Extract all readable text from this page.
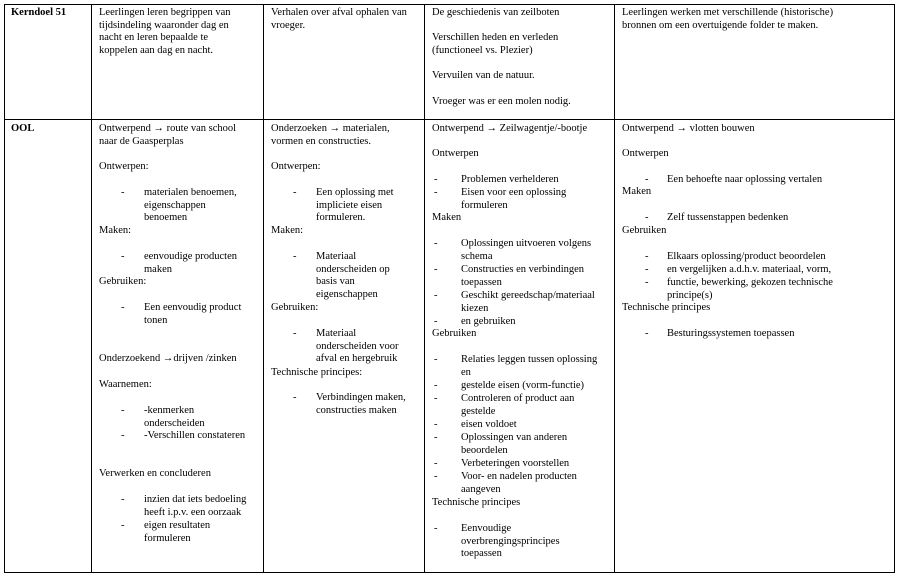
Kerndoel 51	Leerlingen leren begrippen van
tijdsindeling waaronder dag en
nacht en leren bepaalde te
koppelen aan dag en nacht.
Verhalen over afval ophalen van
vroeger.
De geschiedenis van zeilboten
Verschillen heden en verleden
(functioneel vs. Plezier)
Vervuilen van de natuur.
Vroeger was er een molen nodig.
Leerlingen werken met verschillende (historische)
bronnen om een overtuigende folder te maken.
OOL	Ontwerpend → route van school
naar de Gaasperplas
Ontwerpen:
- materialen benoemen,
eigenschappen
benoemen
Maken:
- eenvoudige producten
maken
Gebruiken:
- Een eenvoudig product
tonen
Onderzoekend →drijven /zinken
Waarnemen:
- -kenmerken
onderscheiden
- -Verschillen constateren
Verwerken en concluderen
- inzien dat iets bedoeling
heeft i.p.v. een oorzaak
- eigen resultaten
formuleren
Onderzoeken → materialen,
vormen en constructies.
Ontwerpen:
- Een oplossing met
impliciete eisen
formuleren.
Maken:
- Materiaal
onderscheiden op
basis van
eigenschappen
Gebruiken:
- Materiaal
onderscheiden voor
afval en hergebruik
Technische principes:
- Verbindingen maken,
constructies maken
Ontwerpend → Zeilwagentje/-bootje
Ontwerpen
- Problemen verhelderen
- Eisen voor een oplossing
formuleren
Maken
- Oplossingen uitvoeren volgens
schema
- Constructies en verbindingen
toepassen
- Geschikt gereedschap/materiaal
kiezen
- en gebruiken
Gebruiken
- Relaties leggen tussen oplossing
en
- gestelde eisen (vorm-functie)
- Controleren of product aan
gestelde
- eisen voldoet
- Oplossingen van anderen
beoordelen
- Verbeteringen voorstellen
- Voor- en nadelen producten
aangeven
Technische principes
- Eenvoudige
overbrengingsprincipes
toepassen
Ontwerpend → vlotten bouwen
Ontwerpen
- Een behoefte naar oplossing vertalen
Maken
- Zelf tussenstappen bedenken
Gebruiken
- Elkaars oplossing/product beoordelen
- en vergelijken a.d.h.v. materiaal, vorm,
- functie, bewerking, gekozen technische
principe(s)
Technische principes
- Besturingssystemen toepassen
